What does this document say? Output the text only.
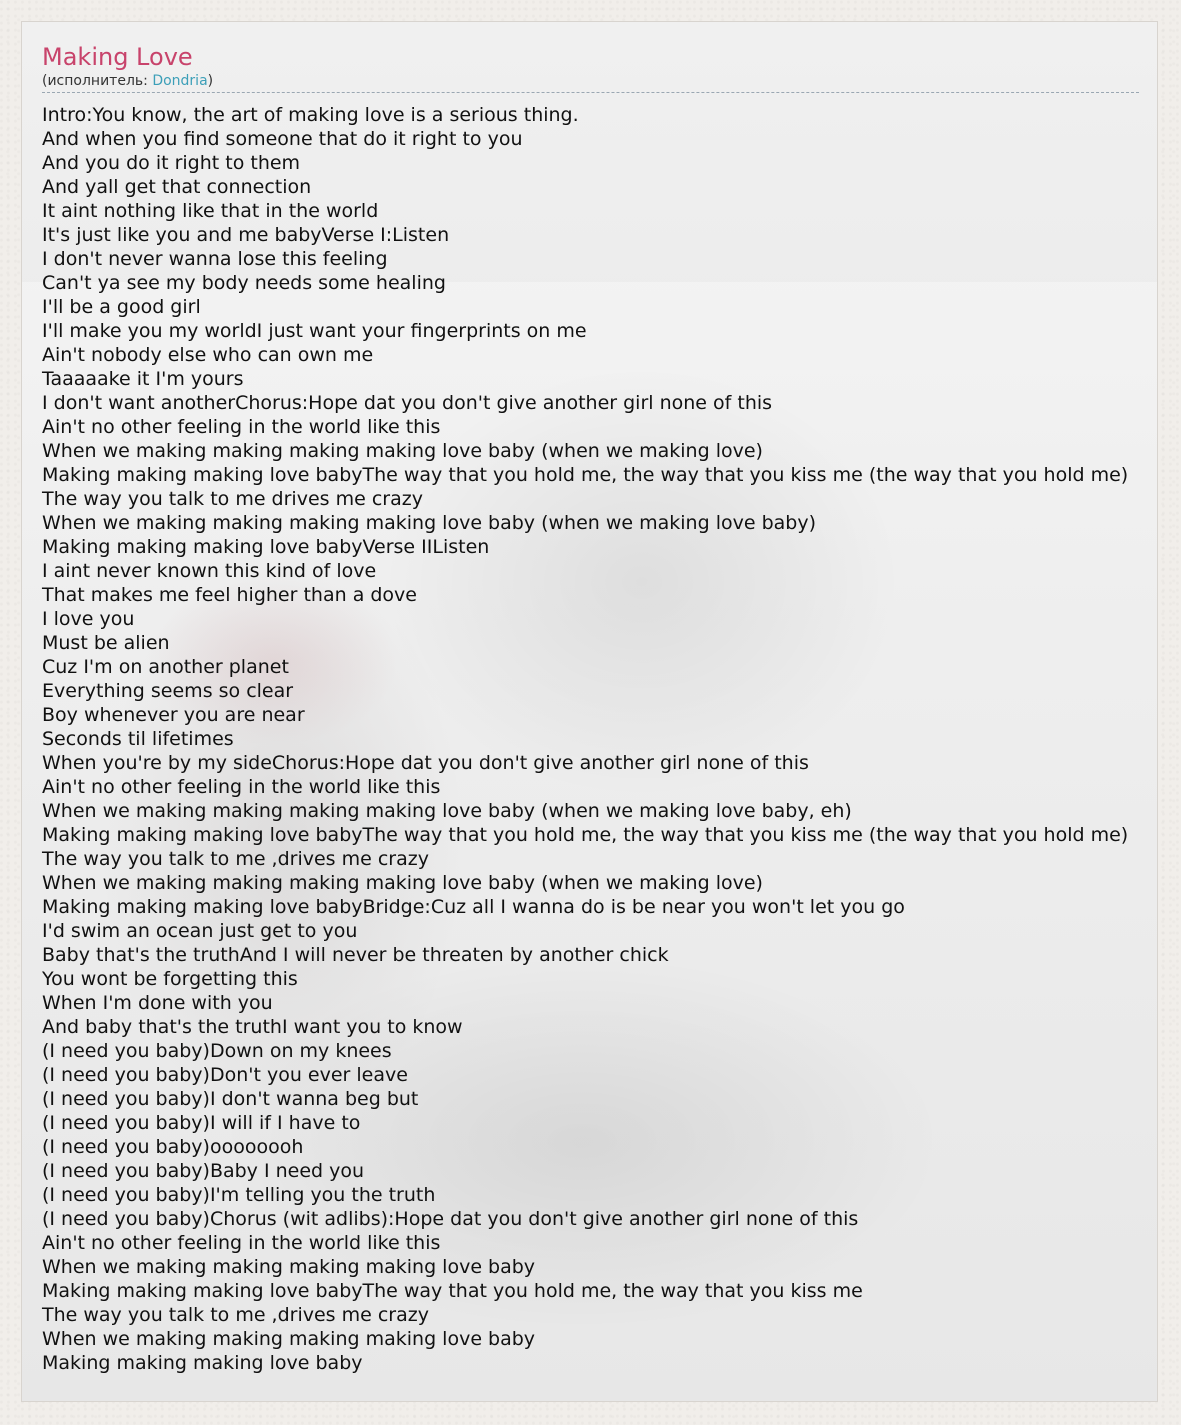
Making Love
(исполнитель: Dondria)
Intro:You know, the art of making love is a serious thing.
And when you find someone that do it right to you
And you do it right to them
And yall get that connection
It aint nothing like that in the world
It's just like you and me babyVerse I:Listen
I don't never wanna lose this feeling
Can't ya see my body needs some healing
I'll be a good girl
I'll make you my worldI just want your fingerprints on me
Ain't nobody else who can own me
Taaaaake it I'm yours
I don't want anotherChorus:Hope dat you don't give another girl none of this
Ain't no other feeling in the world like this
When we making making making making love baby (when we making love)
Making making making love babyThe way that you hold me, the way that you kiss me (the way that you hold me)
The way you talk to me drives me crazy
When we making making making making love baby (when we making love baby)
Making making making love babyVerse IIListen
I aint never known this kind of love
That makes me feel higher than a dove
I love you
Must be alien
Cuz I'm on another planet
Everything seems so clear
Boy whenever you are near
Seconds til lifetimes
When you're by my sideChorus:Hope dat you don't give another girl none of this
Ain't no other feeling in the world like this
When we making making making making love baby (when we making love baby, eh)
Making making making love babyThe way that you hold me, the way that you kiss me (the way that you hold me)
The way you talk to me ,drives me crazy
When we making making making making love baby (when we making love)
Making making making love babyBridge:Cuz all I wanna do is be near you won't let you go
I'd swim an ocean just get to you
Baby that's the truthAnd I will never be threaten by another chick
You wont be forgetting this
When I'm done with you
And baby that's the truthI want you to know
(I need you baby)Down on my knees
(I need you baby)Don't you ever leave
(I need you baby)I don't wanna beg but
(I need you baby)I will if I have to
(I need you baby)oooooooh
(I need you baby)Baby I need you
(I need you baby)I'm telling you the truth
(I need you baby)Chorus (wit adlibs):Hope dat you don't give another girl none of this
Ain't no other feeling in the world like this
When we making making making making love baby
Making making making love babyThe way that you hold me, the way that you kiss me
The way you talk to me ,drives me crazy
When we making making making making love baby
Making making making love baby
